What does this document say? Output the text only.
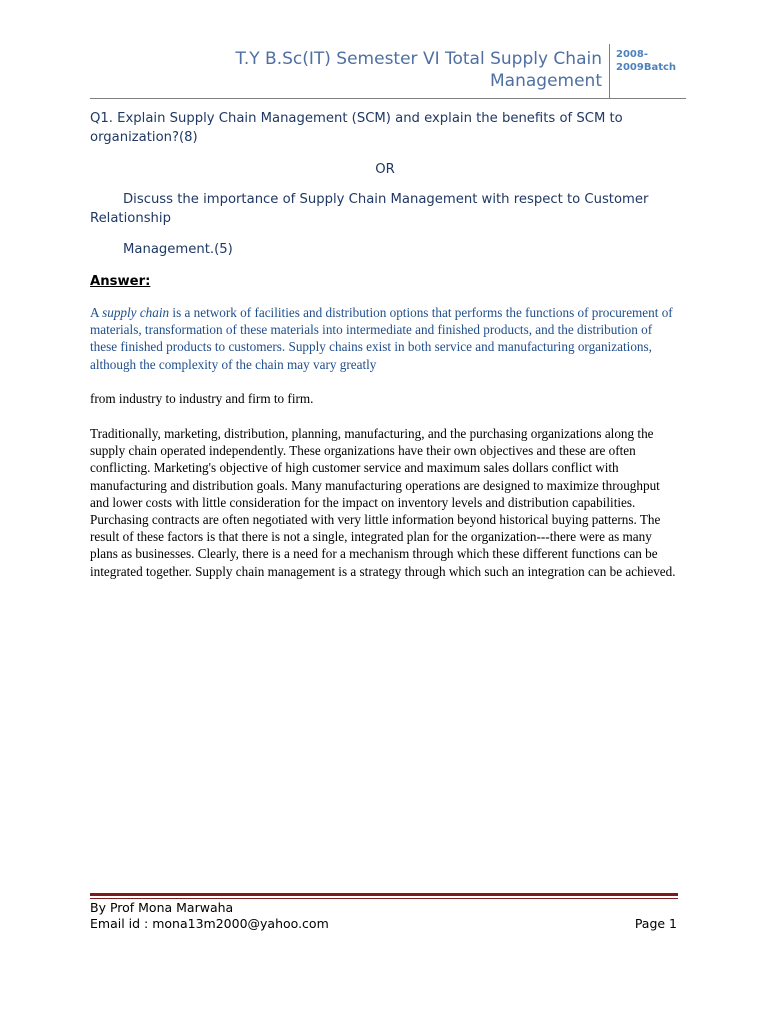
T.Y B.Sc(IT) Semester VI Total Supply Chain Management
2008-2009Batch

Q1. Explain Supply Chain Management (SCM) and explain the benefits of SCM to organization?(8)

OR

Discuss the importance of Supply Chain Management with respect to Customer Relationship

Management.(5)

Answer:

A supply chain is a network of facilities and distribution options that performs the functions of procurement of materials, transformation of these materials into intermediate and finished products, and the distribution of these finished products to customers. Supply chains exist in both service and manufacturing organizations, although the complexity of the chain may vary greatly

from industry to industry and firm to firm.

Traditionally, marketing, distribution, planning, manufacturing, and the purchasing organizations along the supply chain operated independently. These organizations have their own objectives and these are often conflicting. Marketing's objective of high customer service and maximum sales dollars conflict with manufacturing and distribution goals. Many manufacturing operations are designed to maximize throughput and lower costs with little consideration for the impact on inventory levels and distribution capabilities. Purchasing contracts are often negotiated with very little information beyond historical buying patterns. The result of these factors is that there is not a single, integrated plan for the organization---there were as many plans as businesses. Clearly, there is a need for a mechanism through which these different functions can be integrated together. Supply chain management is a strategy through which such an integration can be achieved.

By Prof Mona Marwaha

Email id : mona13m2000@yahoo.com	Page 1
